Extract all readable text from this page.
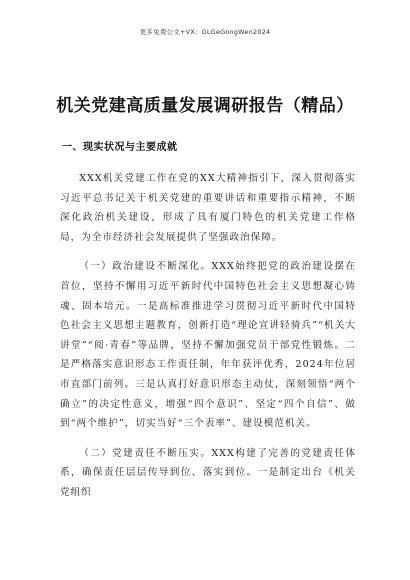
更多免费公文+VX：GLGeGongWen2024
机关党建高质量发展调研报告（精品）
一、现实状况与主要成就

XXX机关党建工作在党的XX大精神指引下，深入贯彻落实习近平总书记关于机关党建的重要讲话和重要指示精神，不断深化政治机关建设，形成了具有厦门特色的机关党建工作格局，为全市经济社会发展提供了坚强政治保障。

（一）政治建设不断深化。XXX始终把党的政治建设摆在首位，坚持不懈用习近平新时代中国特色社会主义思想凝心铸魂、固本培元。一是高标准推进学习贯彻习近平新时代中国特色社会主义思想主题教育，创新打造“理论宣讲轻骑兵”“机关大讲堂”“阅·青春”等品牌，坚持不懈加强党员干部党性锻炼。二是严格落实意识形态工作责任制，年年获评优秀，2024年位居市直部门前列。三是认真打好意识形态主动仗，深刻领悟“两个确立”的决定性意义，增强“四个意识”、坚定“四个自信”、做到“两个维护”，切实当好“三个表率”、建设模范机关。

（二）党建责任不断压实。XXX构建了完善的党建责任体系，确保责任层层传导到位、落实到位。一是制定出台《机关党组织
